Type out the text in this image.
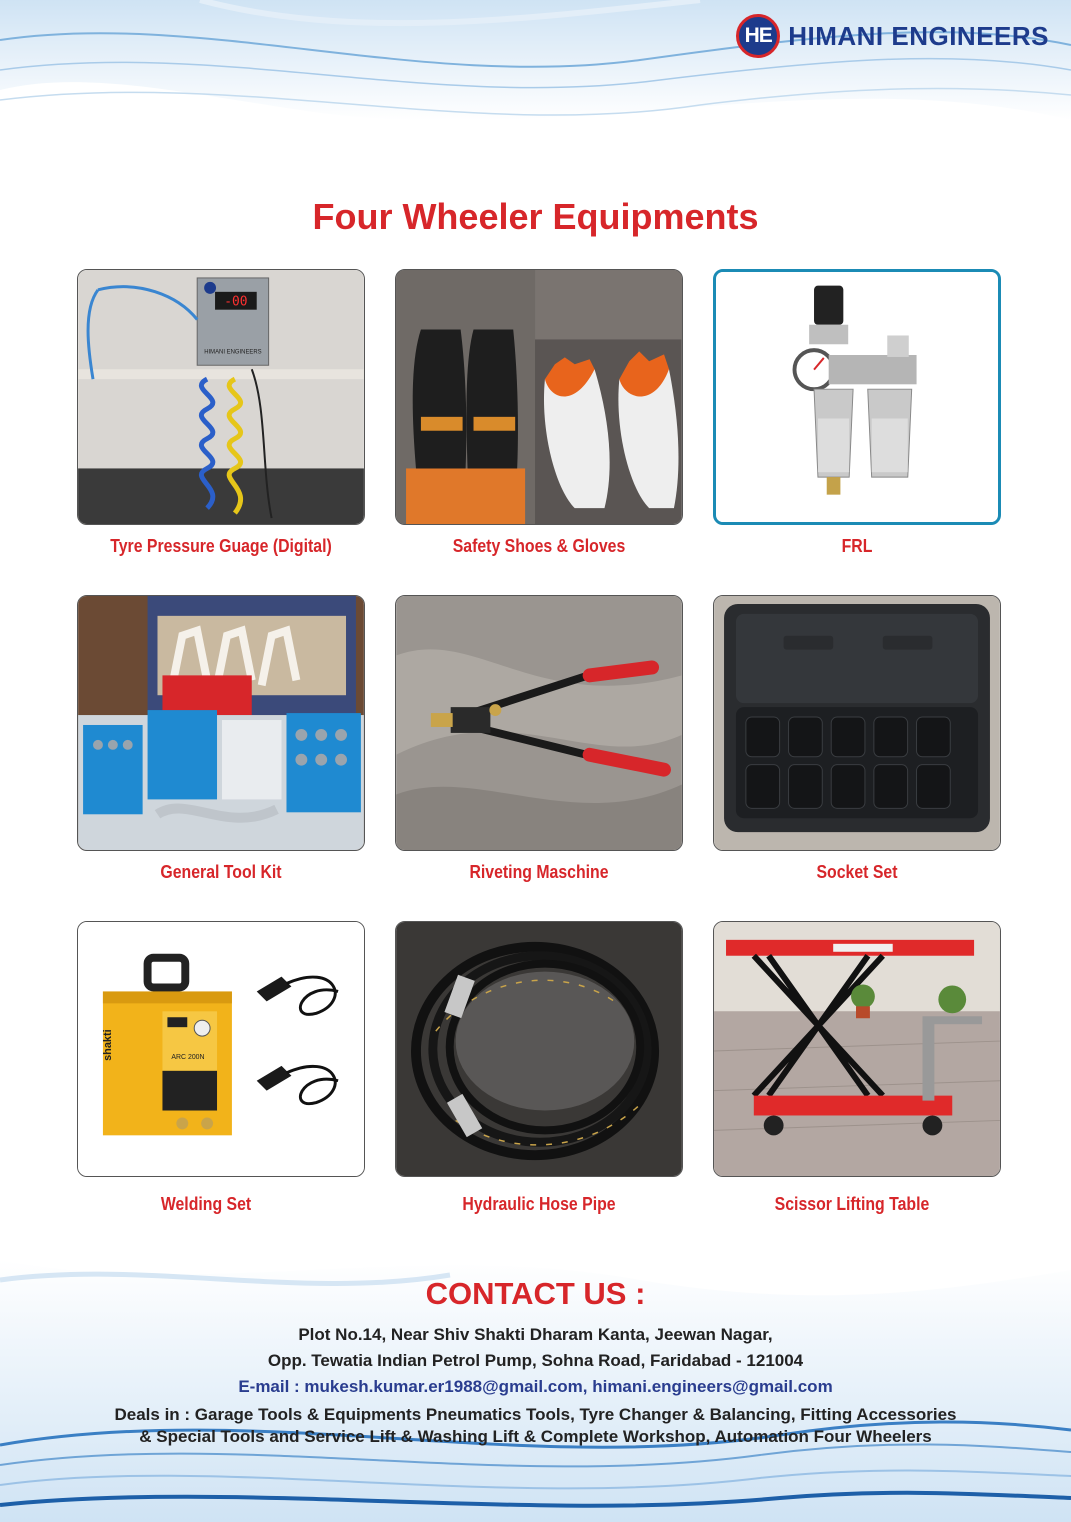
HE HIMANI ENGINEERS
Four Wheeler Equipments
-00
HIMANI ENGINEERS
Tyre Pressure Guage (Digital)	Safety Shoes & Gloves	FRL
General Tool Kit	Riveting Maschine	Socket Set
shakti	ARC 200N
Welding Set	Hydraulic Hose Pipe	Scissor Lifting Table
CONTACT US :
Plot No.14, Near Shiv Shakti Dharam Kanta, Jeewan Nagar,
Opp. Tewatia Indian Petrol Pump, Sohna Road, Faridabad - 121004
E-mail : mukesh.kumar.er1988@gmail.com, himani.engineers@gmail.com
Deals in : Garage Tools & Equipments Pneumatics Tools, Tyre Changer & Balancing, Fitting Accessories
& Special Tools and Service Lift & Washing Lift & Complete Workshop, Automation Four Wheelers
